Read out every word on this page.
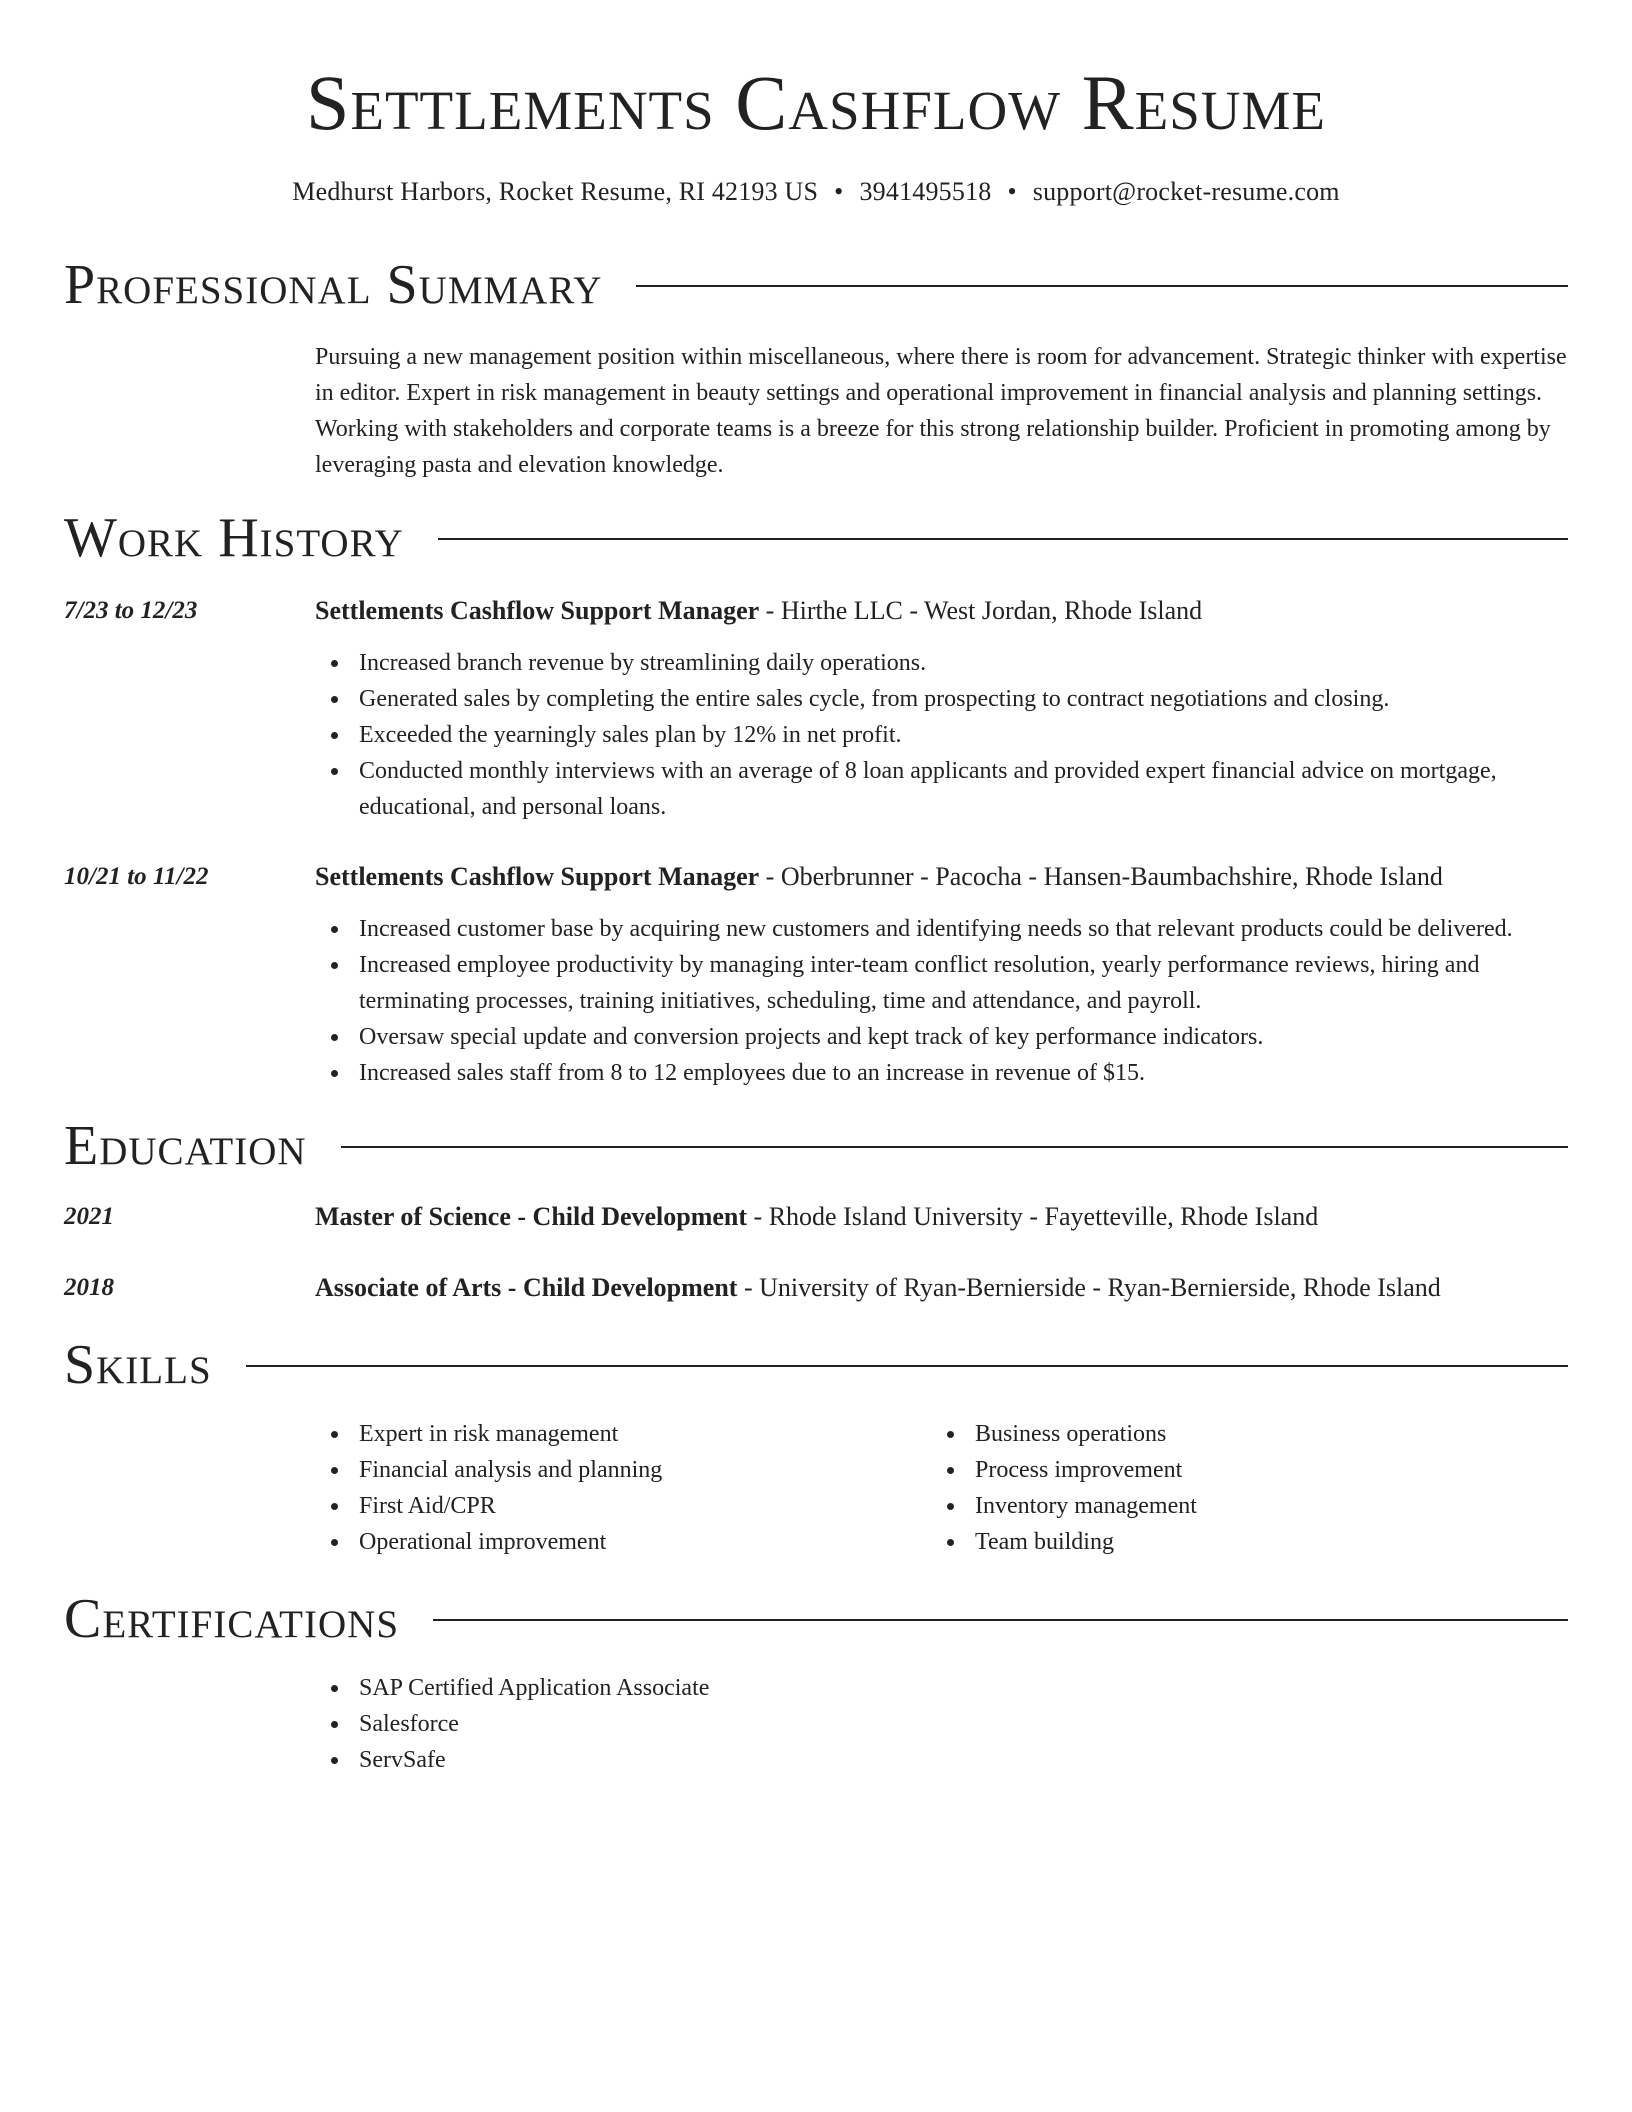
Settlements Cashflow Resume
Medhurst Harbors, Rocket Resume, RI 42193 US • 3941495518 • support@rocket-resume.com
Professional Summary

Pursuing a new management position within miscellaneous, where there is room for advancement. Strategic thinker with expertise in editor. Expert in risk management in beauty settings and operational improvement in financial analysis and planning settings. Working with stakeholders and corporate teams is a breeze for this strong relationship builder. Proficient in promoting among by leveraging pasta and elevation knowledge.

Work History
7/23 to 12/23	Settlements Cashflow Support Manager - Hirthe LLC - West Jordan, Rhode Island
Increased branch revenue by streamlining daily operations.
Generated sales by completing the entire sales cycle, from prospecting to contract negotiations and closing.
Exceeded the yearningly sales plan by 12% in net profit.
Conducted monthly interviews with an average of 8 loan applicants and provided expert financial advice on mortgage, educational, and personal loans.
10/21 to 11/22	Settlements Cashflow Support Manager - Oberbrunner - Pacocha - Hansen-Baumbachshire, Rhode Island
Increased customer base by acquiring new customers and identifying needs so that relevant products could be delivered.
Increased employee productivity by managing inter-team conflict resolution, yearly performance reviews, hiring and terminating processes, training initiatives, scheduling, time and attendance, and payroll.
Oversaw special update and conversion projects and kept track of key performance indicators.
Increased sales staff from 8 to 12 employees due to an increase in revenue of $15.
Education
2021	Master of Science - Child Development - Rhode Island University - Fayetteville, Rhode Island
2018	Associate of Arts - Child Development - University of Ryan-Bernierside - Ryan-Bernierside, Rhode Island
Skills
Expert in risk management
Financial analysis and planning
First Aid/CPR
Operational improvement
Business operations
Process improvement
Inventory management
Team building
Certifications
SAP Certified Application Associate
Salesforce
ServSafe
